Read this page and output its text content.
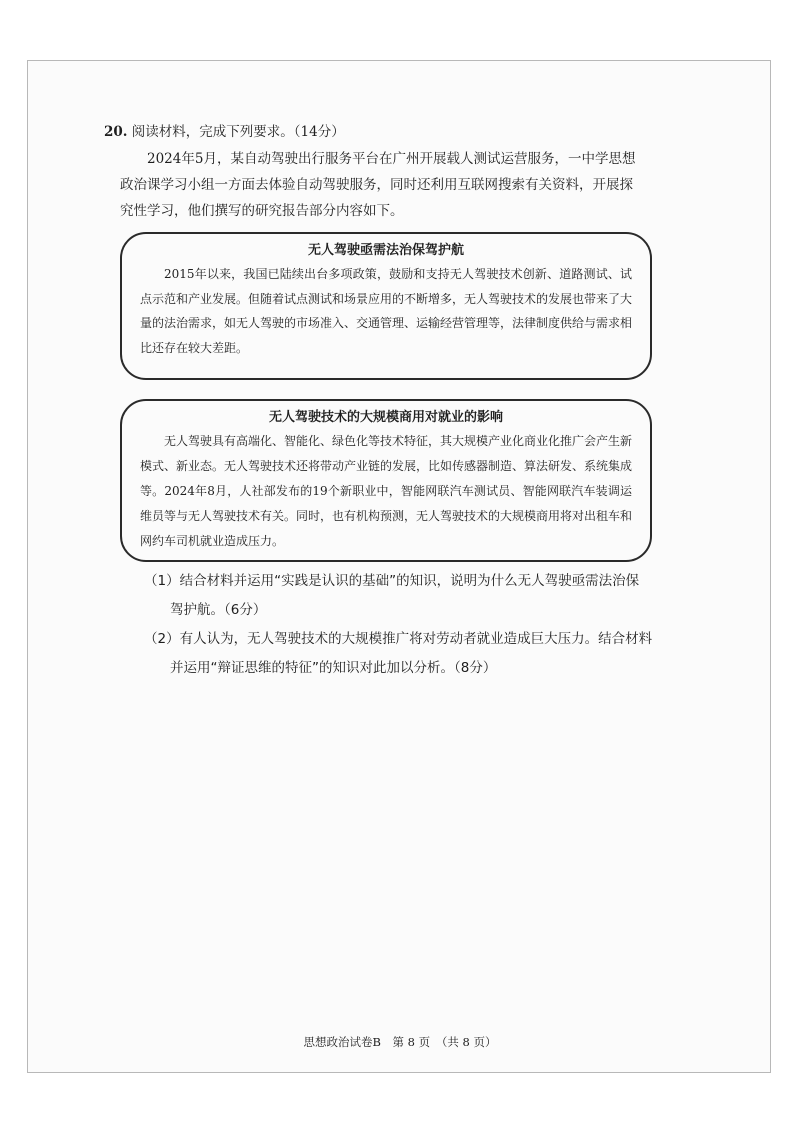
20. 阅读材料，完成下列要求。（14分）

2024年5月，某自动驾驶出行服务平台在广州开展载人测试运营服务，一中学思想政治课学习小组一方面去体验自动驾驶服务，同时还利用互联网搜索有关资料，开展探究性学习，他们撰写的研究报告部分内容如下。

无人驾驶亟需法治保驾护航

2015年以来，我国已陆续出台多项政策，鼓励和支持无人驾驶技术创新、道路测试、试点示范和产业发展。但随着试点测试和场景应用的不断增多，无人驾驶技术的发展也带来了大量的法治需求，如无人驾驶的市场准入、交通管理、运输经营管理等，法律制度供给与需求相比还存在较大差距。

无人驾驶技术的大规模商用对就业的影响

无人驾驶具有高端化、智能化、绿色化等技术特征，其大规模产业化商业化推广会产生新模式、新业态。无人驾驶技术还将带动产业链的发展，比如传感器制造、算法研发、系统集成等。2024年8月，人社部发布的19个新职业中，智能网联汽车测试员、智能网联汽车装调运维员等与无人驾驶技术有关。同时，也有机构预测，无人驾驶技术的大规模商用将对出租车和网约车司机就业造成压力。

（1）结合材料并运用“实践是认识的基础”的知识，说明为什么无人驾驶亟需法治保
驾护航。（6分）

（2）有人认为，无人驾驶技术的大规模推广将对劳动者就业造成巨大压力。结合材料
并运用“辩证思维的特征”的知识对此加以分析。（8分）

思想政治试卷B　第 8 页　（共 8 页）
